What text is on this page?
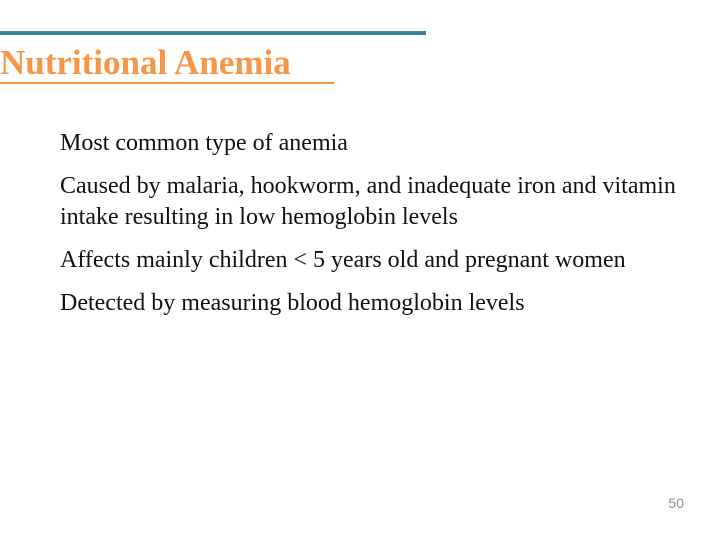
Nutritional Anemia
Most common type of anemia
Caused by malaria, hookworm, and inadequate iron and vitamin intake resulting in low hemoglobin levels
Affects mainly children < 5 years old and pregnant women
Detected by measuring blood hemoglobin levels
50
